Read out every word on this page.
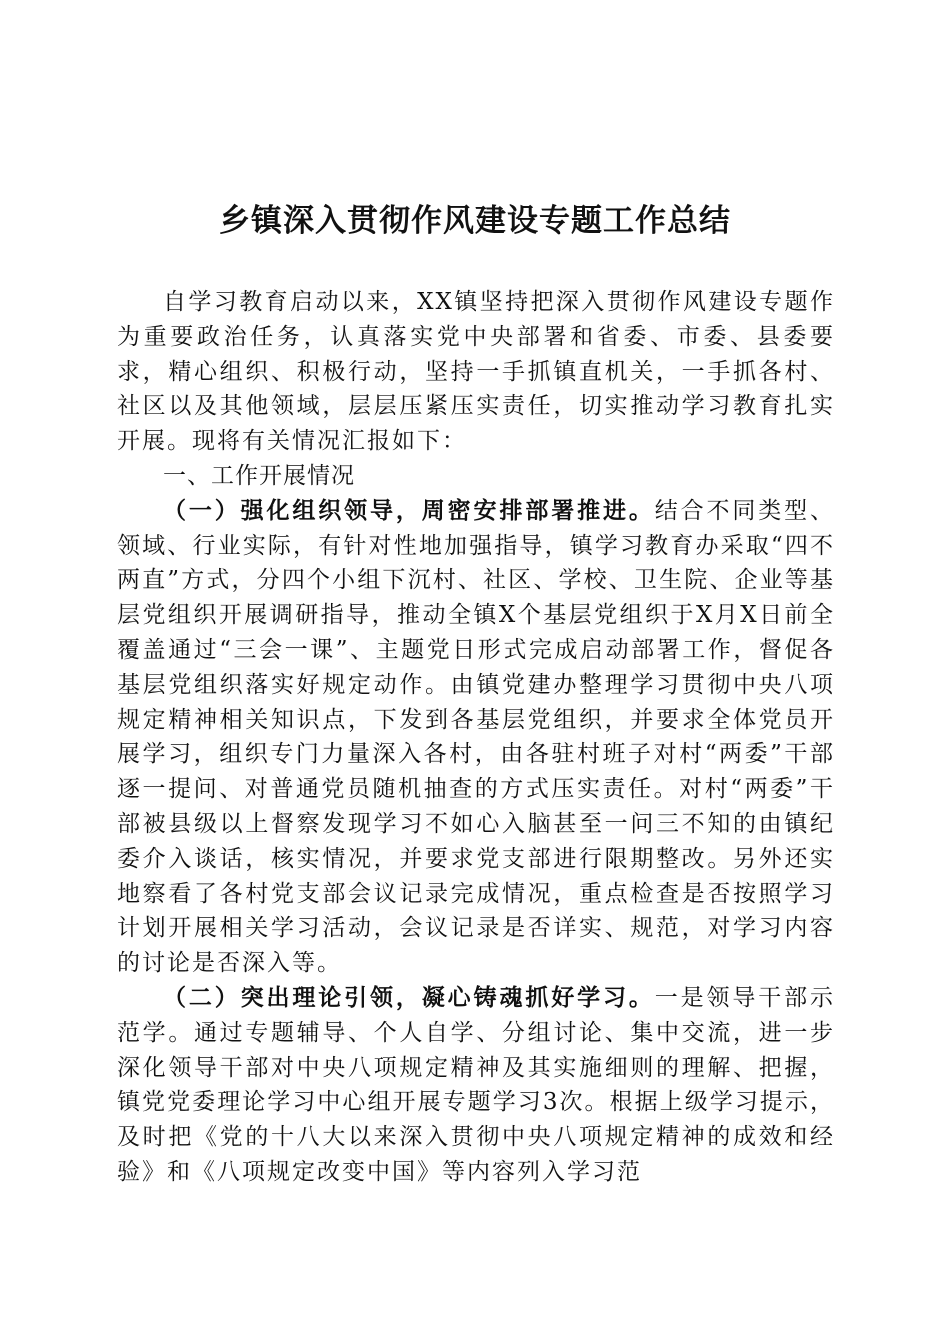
乡镇深入贯彻作风建设专题工作总结

自学习教育启动以来，XX镇坚持把深入贯彻作风建设专题作为重要政治任务，认真落实党中央部署和省委、市委、县委要求，精心组织、积极行动，坚持一手抓镇直机关，一手抓各村、社区以及其他领域，层层压紧压实责任，切实推动学习教育扎实开展。现将有关情况汇报如下：

一、工作开展情况

（一）强化组织领导，周密安排部署推进。结合不同类型、领域、行业实际，有针对性地加强指导，镇学习教育办采取“四不两直”方式，分四个小组下沉村、社区、学校、卫生院、企业等基层党组织开展调研指导，推动全镇X个基层党组织于X月X日前全覆盖通过“三会一课”、主题党日形式完成启动部署工作，督促各基层党组织落实好规定动作。由镇党建办整理学习贯彻中央八项规定精神相关知识点，下发到各基层党组织，并要求全体党员开展学习，组织专门力量深入各村，由各驻村班子对村“两委”干部逐一提问、对普通党员随机抽查的方式压实责任。对村“两委”干部被县级以上督察发现学习不如心入脑甚至一问三不知的由镇纪委介入谈话，核实情况，并要求党支部进行限期整改。另外还实地察看了各村党支部会议记录完成情况，重点检查是否按照学习计划开展相关学习活动，会议记录是否详实、规范，对学习内容的讨论是否深入等。

（二）突出理论引领，凝心铸魂抓好学习。一是领导干部示范学。通过专题辅导、个人自学、分组讨论、集中交流，进一步深化领导干部对中央八项规定精神及其实施细则的理解、把握，镇党党委理论学习中心组开展专题学习3次。根据上级学习提示，及时把《党的十八大以来深入贯彻中央八项规定精神的成效和经验》和《八项规定改变中国》等内容列入学习范
